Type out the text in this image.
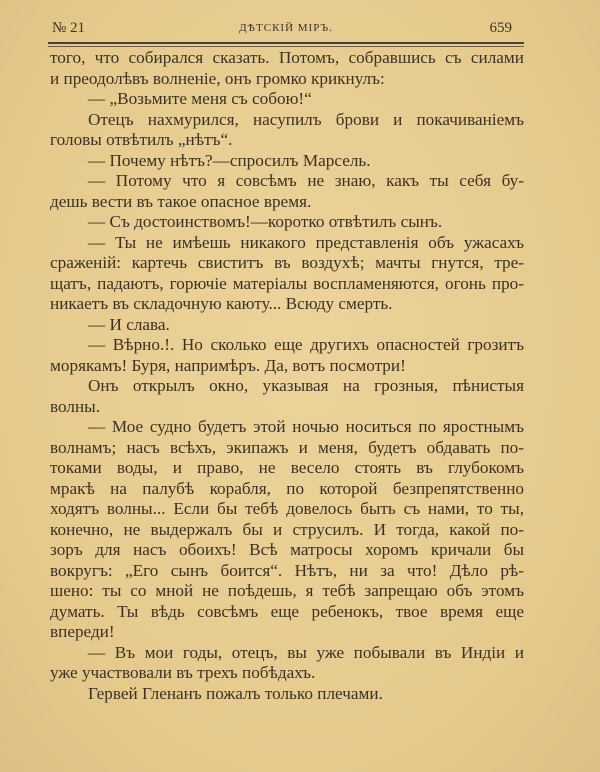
№ 21	ДѢТСКІЙ МІРЪ.	659
того, что собирался сказать. Потомъ, собравшись съ силами
и преодолѣвъ волненіе, онъ громко крикнулъ:
— „Возьмите меня съ собою!“
Отецъ нахмурился, насупилъ брови и покачиваніемъ
головы отвѣтилъ „нѣтъ“.
— Почему нѣтъ?—спросилъ Марсель.
— Потому что я совсѣмъ не знаю, какъ ты себя бу-
дешь вести въ такое опасное время.
— Съ достоинствомъ!—коротко отвѣтилъ сынъ.
— Ты не имѣешь никакого представленія объ ужасахъ
сраженій: картечь свиститъ въ воздухѣ; мачты гнутся, тре-
щатъ, падаютъ, горючіе матеріалы воспламеняются, огонь про-
никаетъ въ складочную каюту... Всюду смерть.
— И слава.
— Вѣрно.!. Но сколько еще другихъ опасностей грозитъ
морякамъ! Буря, напримѣръ. Да, вотъ посмотри!
Онъ открылъ окно, указывая на грозныя, пѣнистыя
волны.
— Мое судно будетъ этой ночью носиться по яростнымъ
волнамъ; насъ всѣхъ, экипажъ и меня, будетъ обдавать по-
токами воды, и право, не весело стоять въ глубокомъ
мракѣ на палубѣ корабля, по которой безпрепятственно
ходятъ волны... Если бы тебѣ довелось быть съ нами, то ты,
конечно, не выдержалъ бы и струсилъ. И тогда, какой по-
зоръ для насъ обоихъ! Всѣ матросы хоромъ кричали бы
вокругъ: „Его сынъ боится“. Нѣтъ, ни за что! Дѣло рѣ-
шено: ты со мной не поѣдешь, я тебѣ запрещаю объ этомъ
думать. Ты вѣдь совсѣмъ еще ребенокъ, твое время еще
впереди!
— Въ мои годы, отецъ, вы уже побывали въ Индіи и
уже участвовали въ трехъ побѣдахъ.
Гервей Гленанъ пожалъ только плечами.
